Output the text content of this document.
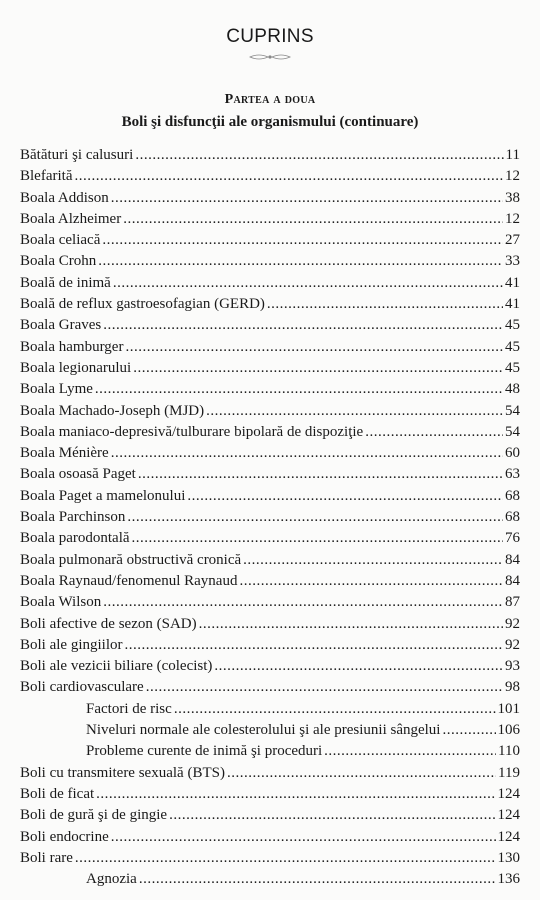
CUPRINS
Partea a doua
Boli şi disfuncţii ale organismului (continuare)
Bătături şi calusuri .....	11
Blefarită .....	12
Boala Addison .....	38
Boala Alzheimer .....	12
Boala celiacă .....	27
Boala Crohn .....	33
Boală de inimă .....	41
Boală de reflux gastroesofagian (GERD) .....	41
Boala Graves .....	45
Boala hamburger .....	45
Boala legionarului .....	45
Boala Lyme .....	48
Boala Machado-Joseph (MJD) .....	54
Boala maniaco-depresivă/tulburare bipolară de dispoziţie .....	54
Boala Ménière .....	60
Boala osoasă Paget .....	63
Boala Paget a mamelonului .....	68
Boala Parchinson .....	68
Boala parodontală .....	76
Boala pulmonară obstructivă cronică .....	84
Boala Raynaud/fenomenul Raynaud .....	84
Boala Wilson .....	87
Boli afective de sezon (SAD) .....	92
Boli ale gingiilor .....	92
Boli ale vezicii biliare (colecist) .....	93
Boli cardiovasculare .....	98
Factori de risc .....	101
Niveluri normale ale colesterolului şi ale presiunii sângelui .....	106
Probleme curente de inimă şi proceduri .....	110
Boli cu transmitere sexuală (BTS) .....	119
Boli de ficat .....	124
Boli de gură şi de gingie .....	124
Boli endocrine .....	124
Boli rare .....	130
Agnozia .....	136
